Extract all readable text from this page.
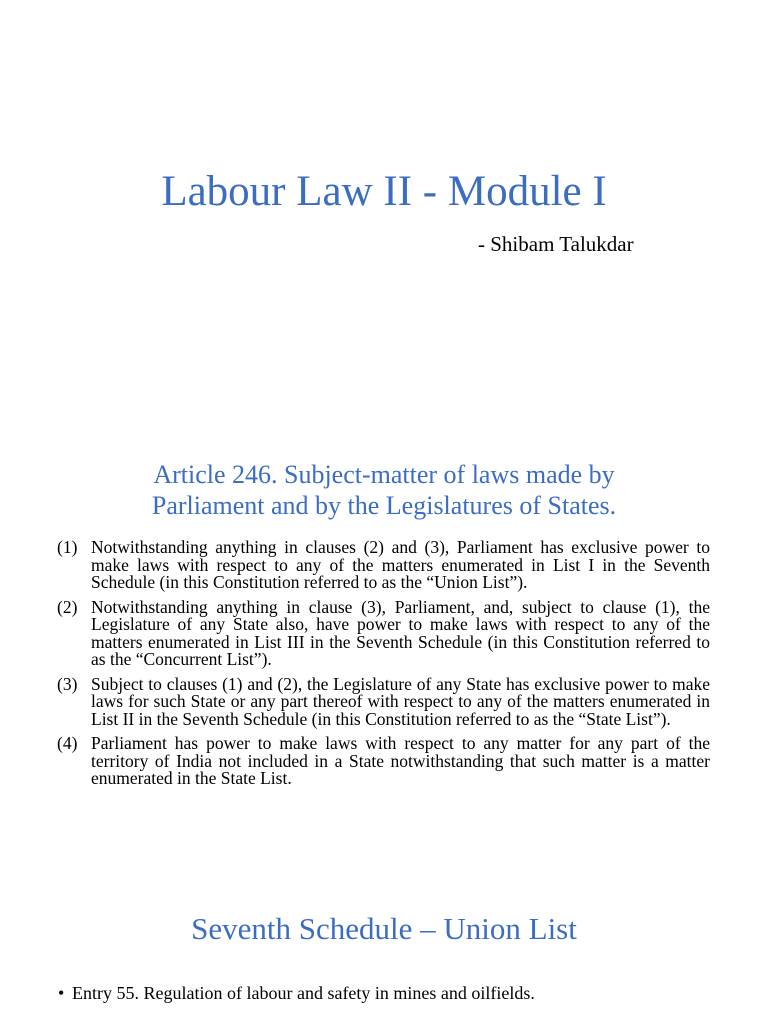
Labour Law II - Module I
- Shibam Talukdar
Article 246. Subject-matter of laws made by
Parliament and by the Legislatures of States.
(1) Notwithstanding anything in clauses (2) and (3), Parliament has exclusive power to make laws with respect to any of the matters enumerated in List I in the Seventh Schedule (in this Constitution referred to as the “Union List”).
(2) Notwithstanding anything in clause (3), Parliament, and, subject to clause (1), the Legislature of any State also, have power to make laws with respect to any of the matters enumerated in List III in the Seventh Schedule (in this Constitution referred to as the “Concurrent List”).
(3) Subject to clauses (1) and (2), the Legislature of any State has exclusive power to make laws for such State or any part thereof with respect to any of the matters enumerated in List II in the Seventh Schedule (in this Constitution referred to as the “State List”).
(4) Parliament has power to make laws with respect to any matter for any part of the territory of India not included in a State notwithstanding that such matter is a matter enumerated in the State List.
Seventh Schedule – Union List
• Entry 55. Regulation of labour and safety in mines and oilfields.
